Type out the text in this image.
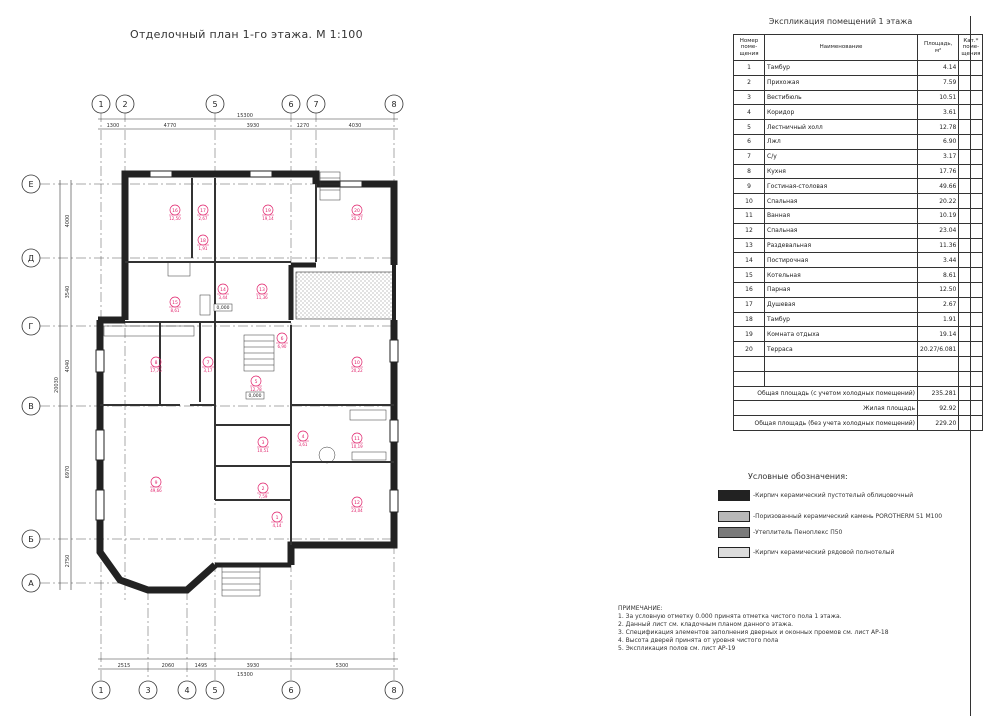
Отделочный план 1-го этажа. М 1:100
1 2	5	6 7	8
1	3	4	5	6	8
Е
Д
Г
В
Б
А
15300
1300	4770	3930	1270	4030
15300
2515	2060	1495	3930	5300
20030
4000
3540
4040
6970
2750
16
12,50
17
2,67
19
19,14
20
20,27
18
1,91
14
3,44
13
11,36
15
8,61
8
17,76
7
3,17
6
6,90
5
12,78
10
20,22
3
10,51
4
3,61
11
10,19
9
49,66	2
7,59
12
23,04
1
4,14
0,000
0,000
Экспликация помещений 1 этажа
Номер поме-щения	Наименование	Площадь, м²	Кат.* поме-щения
1	Тамбур	4.14	
2	Прихожая	7.59	
3	Вестибюль	10.51	
4	Коридор	3.61	
5	Лестничный холл	12.78	
6	Лжл	6.90	
7	С/у	3.17	
8	Кухня	17.76	
9	Гостиная-столовая	49.66	
10	Спальная	20.22	
11	Ванная	10.19	
12	Спальная	23.04	
13	Раздевальная	11.36	
14	Постирочная	3.44	
15	Котельная	8.61	
16	Парная	12.50	
17	Душевая	2.67	
18	Тамбур	1.91	
19	Комната отдыха	19.14	
20	Терраса	20.27/6.081	

Общая площадь (с учетом холодных помещений)		235.281	
Жилая площадь		92.92	
Общая площадь (без учета холодных помещений)		229.20	
Условные обозначения:
-Кирпич керамический пустотелый облицовочный
-Поризованный керамический камень POROTHERM 51 M100
-Утеплитель Пеноплекс П50
-Кирпич керамический рядовой полнотелый
ПРИМЕЧАНИЕ:
1. За условную отметку 0.000 принята отметка чистого пола 1 этажа.
2. Данный лист см. кладочным планом данного этажа.
3. Спецификация элементов заполнения дверных и оконных проемов см. лист АР-18
4. Высота дверей принята от уровня чистого пола
5. Экспликация полов см. лист АР-19
